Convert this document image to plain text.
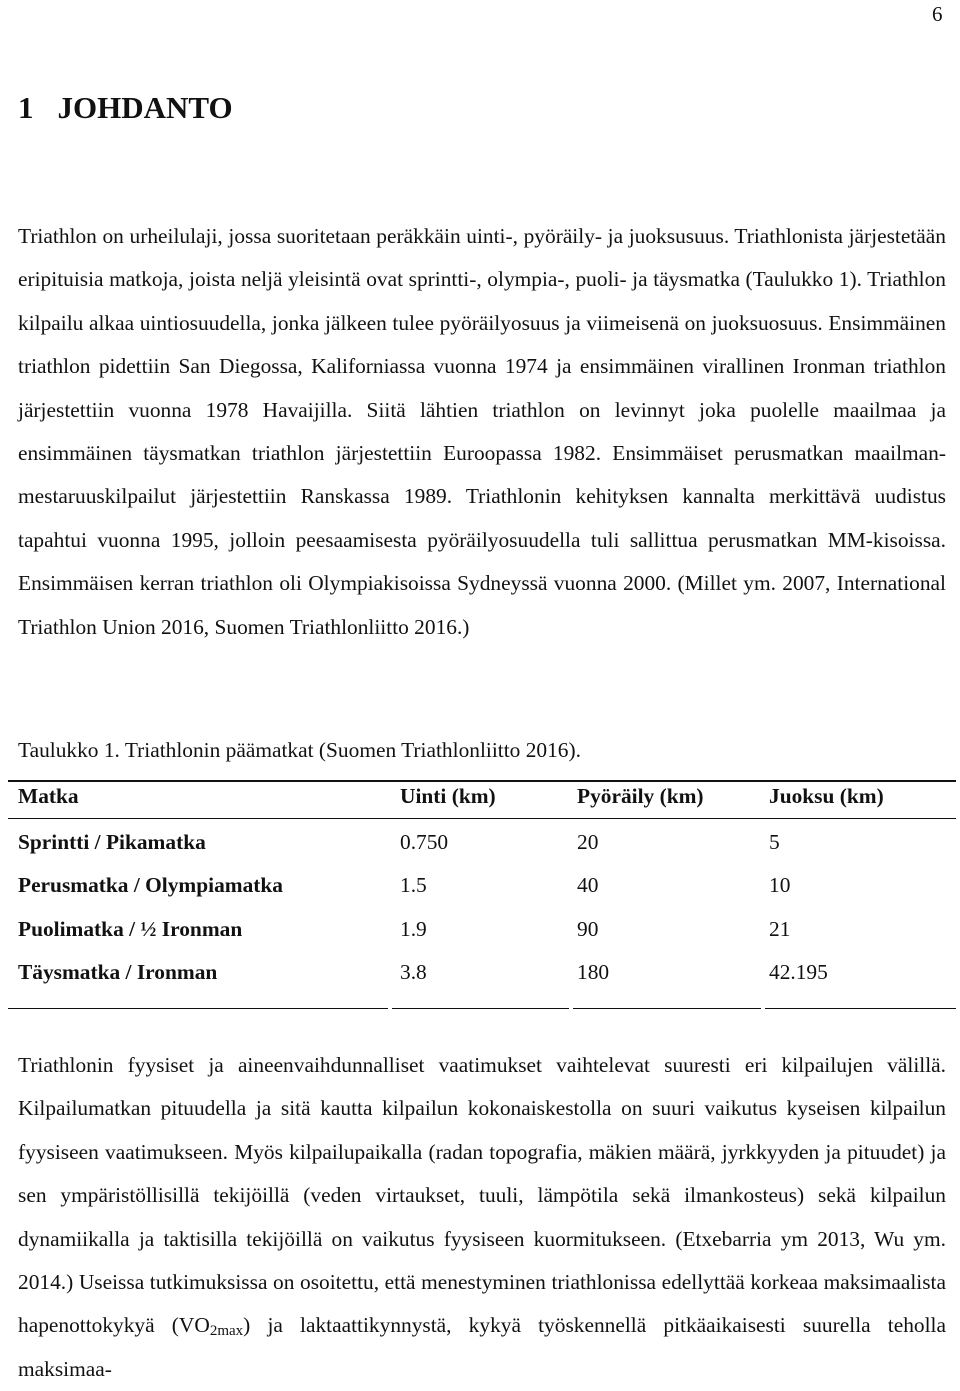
6
1 JOHDANTO

Triathlon on urheilulaji, jossa suoritetaan peräkkäin uinti-, pyöräily- ja juoksusuus. Triathlonista järjestetään eripituisia matkoja, joista neljä yleisintä ovat sprintti-, olympia-, puoli- ja täysmatka (Taulukko 1). Triathlon kilpailu alkaa uintiosuudella, jonka jälkeen tulee pyöräilyosuus ja viimeisenä on juoksuosuus. Ensimmäinen triathlon pidettiin San Diegossa, Kaliforniassa vuonna 1974 ja ensimmäinen virallinen Ironman triathlon järjestettiin vuonna 1978 Havaijilla. Siitä lähtien triathlon on levinnyt joka puolelle maailmaa ja ensimmäinen täysmatkan triathlon järjestettiin Euroopassa 1982. Ensimmäiset perusmatkan maailmanmestaruuskilpailut järjestettiin Ranskassa 1989. Triathlonin kehityksen kannalta merkittävä uudistus tapahtui vuonna 1995, jolloin peesaamisesta pyöräilyosuudella tuli sallittua perusmatkan MM-kisoissa. Ensimmäisen kerran triathlon oli Olympiakisoissa Sydneyssä vuonna 2000. (Millet ym. 2007, International Triathlon Union 2016, Suomen Triathlonliitto 2016.)

Taulukko 1. Triathlonin päämatkat (Suomen Triathlonliitto 2016).

Matka	Uinti (km)	Pyöräily (km)	Juoksu (km)
Sprintti / Pikamatka	0.750	20	5
Perusmatka / Olympiamatka	1.5	40	10
Puolimatka / ½ Ironman	1.9	90	21
Täysmatka / Ironman	3.8	180	42.195

Triathlonin fyysiset ja aineenvaihdunnalliset vaatimukset vaihtelevat suuresti eri kilpailujen välillä. Kilpailumatkan pituudella ja sitä kautta kilpailun kokonaiskestolla on suuri vaikutus kyseisen kilpailun fyysiseen vaatimukseen. Myös kilpailupaikalla (radan topografia, mäkien määrä, jyrkkyyden ja pituudet) ja sen ympäristöllisillä tekijöillä (veden virtaukset, tuuli, lämpötila sekä ilmankosteus) sekä kilpailun dynamiikalla ja taktisilla tekijöillä on vaikutus fyysiseen kuormitukseen. (Etxebarria ym 2013, Wu ym. 2014.) Useissa tutkimuksissa on osoitettu, että menestyminen triathlonissa edellyttää korkeaa maksimaalista hapenottokykyä $(VO_{2max})$ ja laktaattikynnystä, kykyä työskennellä pitkäaikaisesti suurella teholla maksimaa-
